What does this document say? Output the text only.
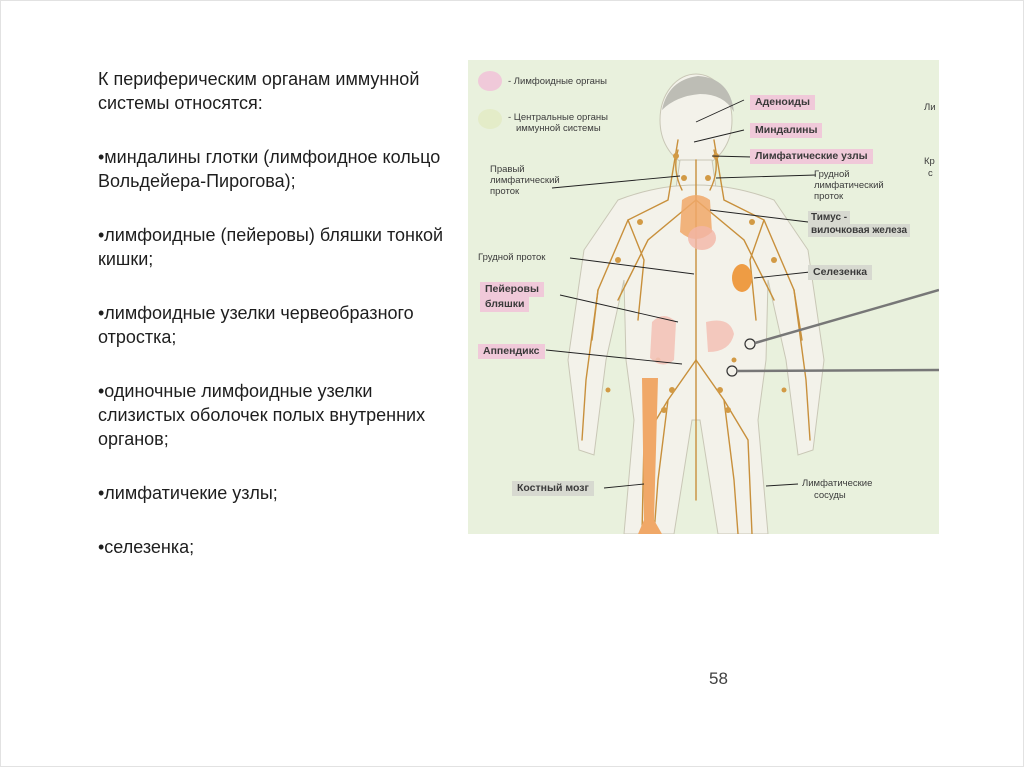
К периферическим органам иммунной системы относятся:

•миндалины глотки (лимфоидное кольцо Вольдейера-Пирогова);

•лимфоидные (пейеровы) бляшки тонкой кишки;

•лимфоидные узелки червеобразного отростка;

•одиночные лимфоидные узелки слизистых оболочек полых внутренних органов;

•лимфатичекие узлы;

•селезенка;

- Лимфоидные органы
- Центральные органы
иммунной системы
Аденоиды
Миндалины
Лимфатические узлы
Правый
лимфатический
проток
Грудной
лимфатический
проток
Тимус -
вилочковая железа
Грудной проток
Селезенка
Пейеровы
бляшки
Аппендикс
Костный мозг	Лимфатические
сосуды
Ли
Кр
с
58
